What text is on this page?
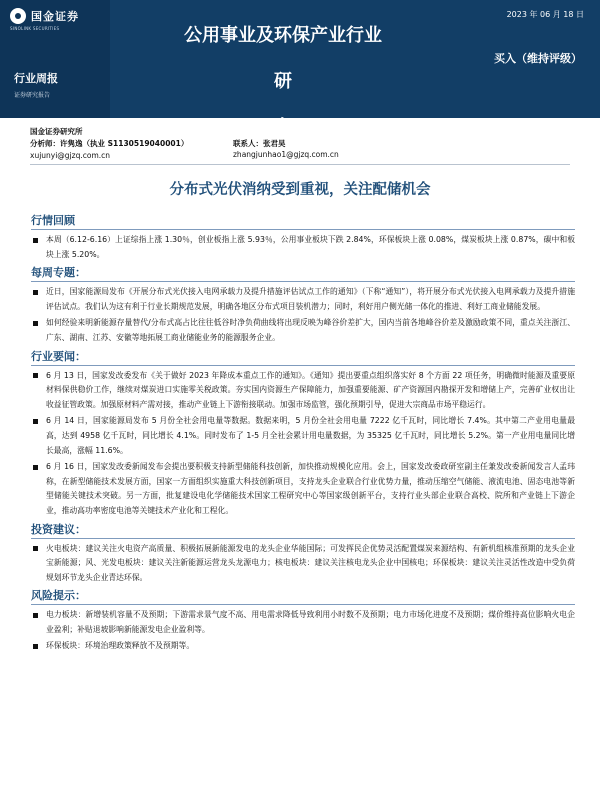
国金证券
SINOLINK SECURITIES
行业周报
证券研究报告
公用事业及环保产业行业研
究
2023 年 06 月 18 日
买入（维持评级）
国金证券研究所
分析师：许隽逸（执业 S1130519040001）
xujunyi@gjzq.com.cn
联系人：张君昊
zhangjunhao1@gjzq.com.cn
分布式光伏消纳受到重视，关注配储机会
行情回顾
本周（6.12-6.16）上证综指上涨 1.30％，创业板指上涨 5.93％，公用事业板块下跌 2.84%，环保板块上涨 0.08%，煤炭板块上涨 0.87%，碳中和板块上涨 5.20%。
每周专题：
近日，国家能源局发布《开展分布式光伏接入电网承载力及提升措施评估试点工作的通知》（下称“通知”），将开展分布式光伏接入电网承载力及提升措施评估试点。我们认为这有利于行业长期规范发展，明确各地区分布式项目装机潜力；同时，利好用户侧光储一体化的推进、利好工商业储能发展。
如何经验来明新能源存量替代/分布式高占比往往低谷时净负荷曲线将出现反映为峰谷价差扩大，国内当前各地峰谷价差及激励政策不同，重点关注浙江、广东、湖南、江苏、安徽等地拓展工商业储能业务的能源服务企业。
行业要闻：
6 月 13 日，国家发改委发布《关于做好 2023 年降成本重点工作的通知》。《通知》提出要重点组织落实好 8 个方面 22 项任务，明确微时能源及重要原材料保供稳价工作，继续对煤炭进口实施零关税政策。夯实国内资源生产保障能力，加强重要能源、矿产资源国内勘探开发和增储上产，完善矿业权出让收益征管政策。加强原材料产需对接，推动产业链上下游衔接联动。加强市场监管，强化预期引导，促进大宗商品市场平稳运行。
6 月 14 日，国家能源局发布 5 月份全社会用电量等数据。数据来明，5 月份全社会用电量 7222 亿千瓦时，同比增长 7.4%。其中第二产业用电量最高，达到 4958 亿千瓦时，同比增长 4.1%。同时发布了 1-5 月全社会累计用电量数据，为 35325 亿千瓦时，同比增长 5.2%。第一产业用电量同比增长最高，涨幅 11.6%。
6 月 16 日，国家发改委新闻发布会提出要积极支持新型储能科技创新，加快推动规模化应用。会上，国家发改委政研室副主任兼发改委新闻发言人孟玮称，在新型储能技术发展方面，国家一方面组织实施重大科技创新项目，支持龙头企业联合行业优势力量，推动压缩空气储能、液流电池、固态电池等新型储能关键技术突破。另一方面，批复建设电化学储能技术国家工程研究中心等国家级创新平台，支持行业头部企业联合高校、院所和产业链上下游企业，推动高功率密度电池等关键技术产业化和工程化。
投资建议：
火电板块：建议关注火电资产高质量、积极拓展新能源发电的龙头企业华能国际；可发挥民企优势灵活配置煤炭来源结构、有新机组核准预期的龙头企业宝新能源；风、光发电板块：建议关注新能源运营龙头龙源电力；核电板块：建议关注核电龙头企业中国核电；环保板块：建议关注灵活性改造中受负荷规划环节龙头企业青达环保。
风险提示：
电力板块：新增装机容量不及预期；下游需求景气度不高、用电需求降低导致利用小时数不及预期；电力市场化进度不及预期；煤价维持高位影响火电企业盈利；补贴退坡影响新能源发电企业盈利等。
环保板块：环境治理政策释放不及预期等。
